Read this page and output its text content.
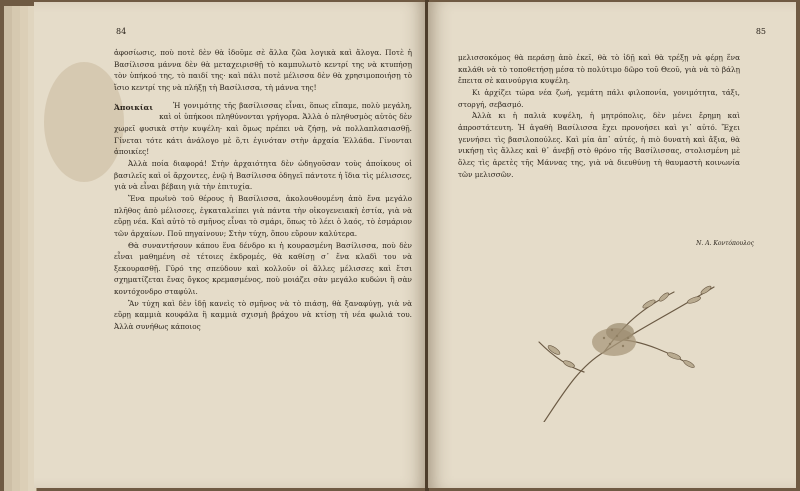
84

ἀφοσίωσις, ποὺ ποτὲ δὲν θὰ ἰδοῦμε σὲ ἄλλα ζῶα λογικὰ καὶ ἄλογα. Ποτὲ ἡ Βασίλισσα μάννα δὲν θὰ μεταχειρισθῇ τὸ καμπυλωτὸ κεντρί της νὰ κτυπήσῃ τὸν ὑπήκοό της, τὸ παιδί της· καὶ πάλι ποτὲ μέλισσα δὲν θὰ χρησιμοποιήσῃ τὸ ἴσιο κεντρί της νὰ πλήξῃ τὴ Βασίλισσα, τὴ μάννα της!

Ἀποικίαι	Ἡ γονιμότης τῆς βασίλισσας εἶναι, ὅπως εἴπαμε, πολὺ μεγάλη, καὶ οἱ ὑπήκοοι πληθύνονται γρήγορα. Ἀλλὰ ὁ πληθυσμὸς αὐτὸς δὲν χωρεῖ φυσικὰ στὴν κυψέλη· καὶ ὅμως πρέπει νὰ ζήσῃ, νὰ πολλαπλασιασθῇ. Γίνεται τότε κάτι ἀνάλογο μὲ ὅ,τι ἐγινόταν στὴν ἀρχαία Ἑλλάδα. Γίνονται ἀποικίες!

Ἀλλὰ ποία διαφορά! Στὴν ἀρχαιότητα δὲν ὡδηγοῦσαν τοὺς ἀποίκους οἱ βασιλεῖς καὶ οἱ ἄρχοντες, ἐνῷ ἡ Βασίλισσα ὁδηγεῖ πάντοτε ἡ ἴδια τὶς μέλισσες, γιὰ νὰ εἶναι βέβαιη γιὰ τὴν ἐπιτυχία.

Ἕνα πρωϊνὸ τοῦ θέρους ἡ Βασίλισσα, ἀκολουθουμένη ἀπὸ ἕνα μεγάλο πλῆθος ἀπὸ μέλισσες, ἐγκαταλείπει γιὰ πάντα τὴν οἰκογενειακὴ ἑστία, γιὰ νὰ εὕρῃ νέα. Καὶ αὐτὸ τὸ σμῆνος εἶναι τὸ σμάρι, ὅπως τὸ λέει ὁ λαός, τὸ ἑσμάριον τῶν ἀρχαίων. Ποῦ πηγαίνουν; Στὴν τύχη, ὅπου εὕρουν καλύτερα.

Θὰ συναντήσουν κάπου ἕνα δένδρο κι ἡ κουρασμένη Βασίλισσα, ποὺ δὲν εἶναι μαθημένη σὲ τέτοιες ἐκδρομές, θὰ καθίσῃ σ᾿ ἕνα κλαδὶ του νὰ ξεκουρασθῇ. Γῦρό της σπεύδουν καὶ κολλοῦν οἱ ἄλλες μέλισσες καὶ ἔτσι σχηματίζεται ἕνας ὄγκος κρεμασμένος, ποὺ μοιάζει σὰν μεγάλο κυδώνι ἢ σὰν κοντόχονδρο σταφύλι.

Ἂν τύχη καὶ δὲν ἰδῇ κανεὶς τὸ σμῆνος νὰ τὸ πιάσῃ, θὰ ξαναφύγῃ, γιὰ νὰ εὕρῃ καμμιὰ κουφάλα ἢ καμμιὰ σχισμὴ βράχου νὰ κτίσῃ τὴ νέα φωλιά του. Ἀλλὰ συνήθως κάποιος

85

μελισσοκόμος θὰ περάσῃ ἀπὸ ἐκεῖ, θὰ τὸ ἰδῇ καὶ θὰ τρέξῃ νὰ φέρῃ ἕνα καλάθι νὰ τὸ τοποθετήσῃ μέσα τὸ πολύτιμο δῶρο τοῦ Θεοῦ, γιὰ νὰ τὸ βάλῃ ἔπειτα σὲ καινούργια κυψέλη.

Κι ἀρχίζει τώρα νέα ζωή, γεμάτη πάλι φιλοπονία, γονιμότητα, τάξι, στοργή, σεβασμό.

Ἀλλὰ κι ἡ παλιὰ κυψέλη, ἡ μητρόπολις, δὲν μένει ἔρημη καὶ ἀπροστάτευτη. Ἡ ἀγαθὴ Βασίλισσα ἔχει προνοήσει καὶ γι᾿ αὐτό. Ἔχει γεννήσει τὶς βασιλοπούλες. Καὶ μία ἀπ᾿ αὐτές, ἡ πιὸ δυνατὴ καὶ ἄξια, θὰ νικήσῃ τὶς ἄλλες καὶ θ᾿ ἀνεβῇ στὸ θρόνο τῆς Βασίλισσας, στολισμένη μὲ ὅλες τὶς ἀρετὲς τῆς Μάννας της, γιὰ νὰ διευθύνῃ τὴ θαυμαστὴ κοινωνία τῶν μελισσῶν.

Ν. Α. Κοντόπουλος
